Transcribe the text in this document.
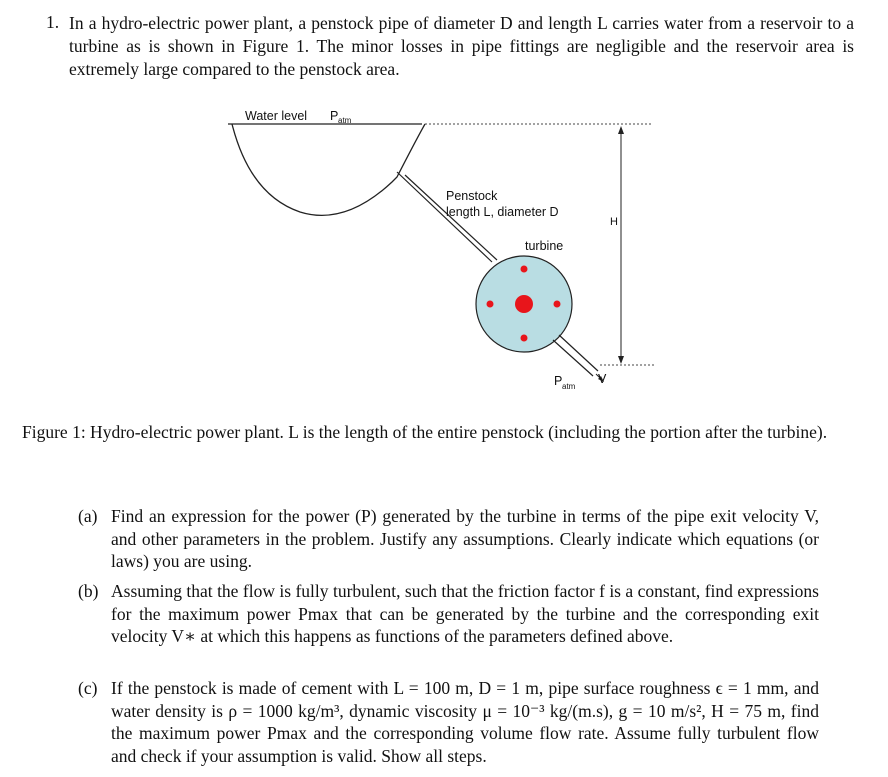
1. In a hydro-electric power plant, a penstock pipe of diameter D and length L carries water from a reservoir to a turbine as is shown in Figure 1. The minor losses in pipe fittings are negligible and the reservoir area is extremely large compared to the penstock area.
Water level P atm
Penstock
length L, diameter D
turbine
H
P atm
V
Figure 1: Hydro-electric power plant. L is the length of the entire penstock (including the portion after the turbine).
(a) Find an expression for the power (P) generated by the turbine in terms of the pipe exit velocity V, and other parameters in the problem. Justify any assumptions. Clearly indicate which equations (or laws) you are using.
(b) Assuming that the flow is fully turbulent, such that the friction factor f is a constant, find expressions for the maximum power Pmax that can be generated by the turbine and the corresponding exit velocity V∗ at which this happens as functions of the parameters defined above.
(c) If the penstock is made of cement with L = 100 m, D = 1 m, pipe surface roughness ϵ = 1 mm, and water density is ρ = 1000 kg/m³, dynamic viscosity μ = 10⁻³ kg/(m.s), g = 10 m/s², H = 75 m, find the maximum power Pmax and the corresponding volume flow rate. Assume fully turbulent flow and check if your assumption is valid. Show all steps.
